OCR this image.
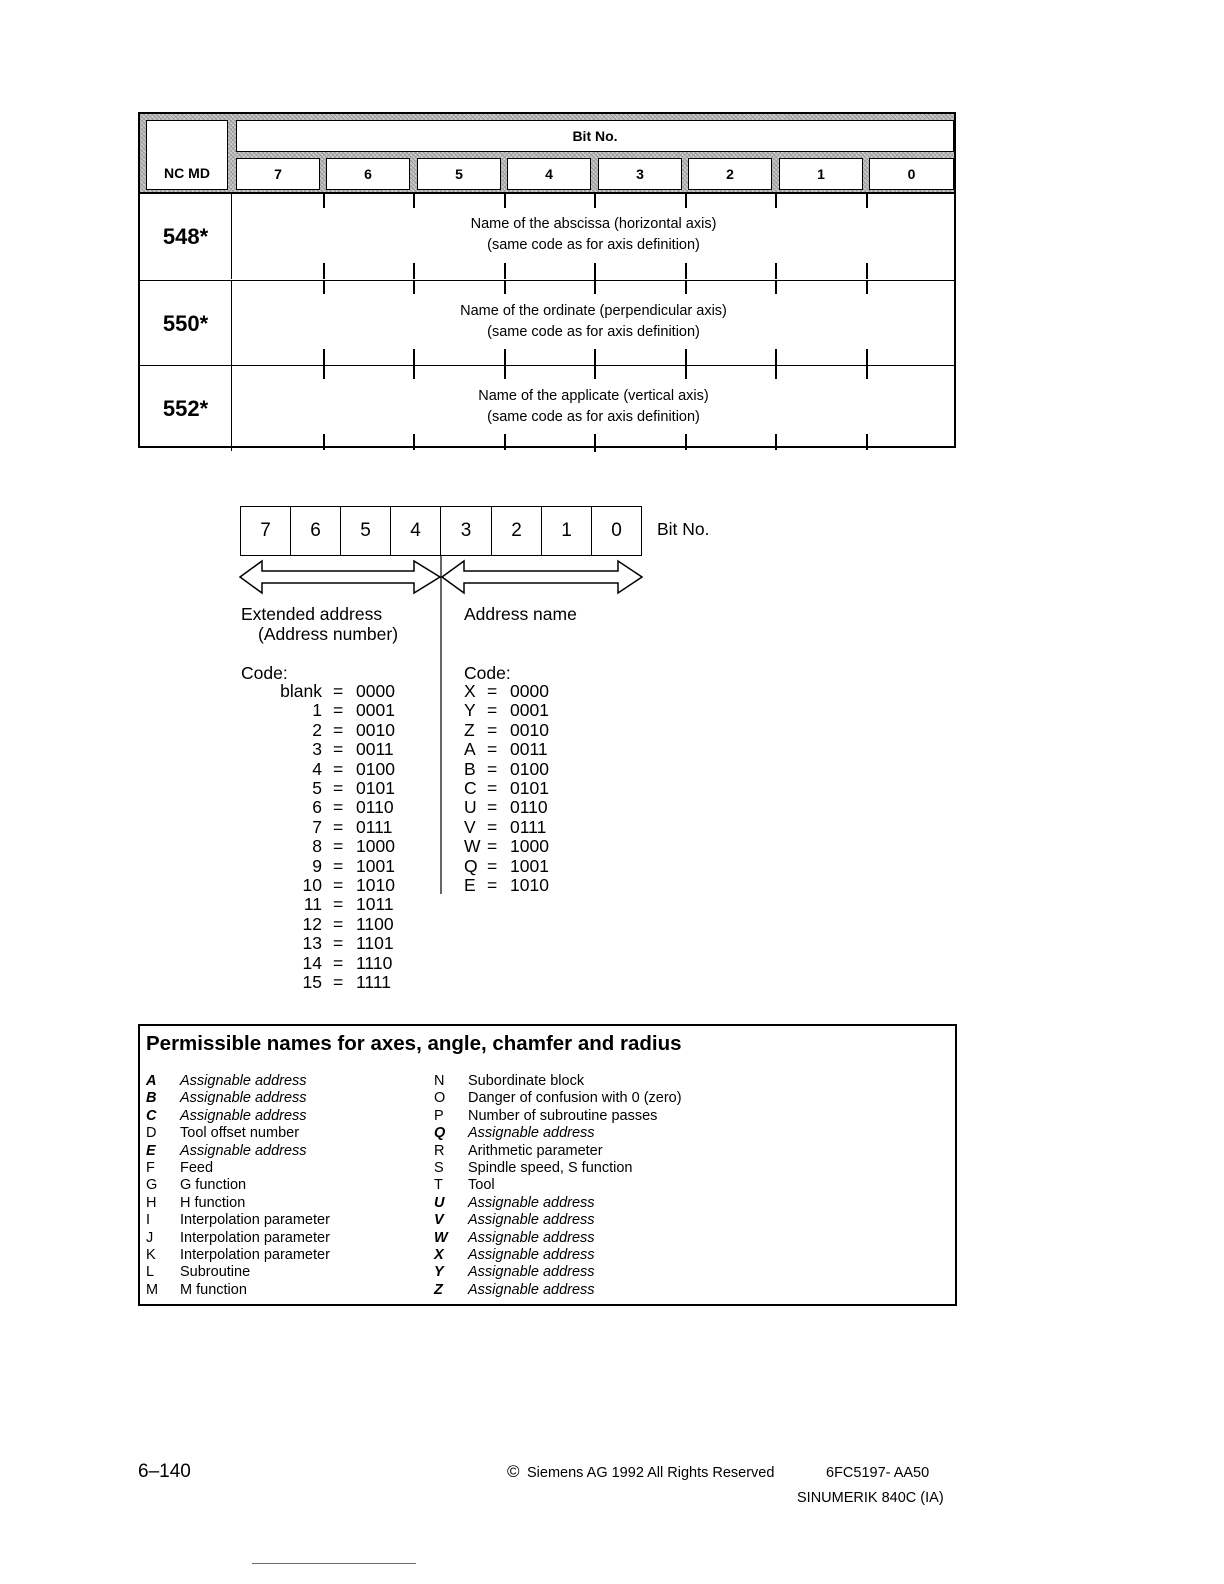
NC MD
Bit No.
7	6	5	4	3	2	1	0
548*	Name of the abscissa (horizontal axis)
(same code as for axis definition)
550*	Name of the ordinate (perpendicular axis)
(same code as for axis definition)
552*	Name of the applicate (vertical axis)
(same code as for axis definition)
7	6	5	4	3	2	1	0	Bit No.
Extended address
(Address number)
Address name
Code:	Code:
blank = 0000
1 = 0001
2 = 0010
3 = 0011
4 = 0100
5 = 0101
6 = 0110
7 = 0111
8 = 1000
9 = 1001
10 = 1010
11 = 1011
12 = 1100
13 = 1101
14 = 1110
15 = 1111
X = 0000
Y = 0001
Z = 0010
A = 0011
B = 0100
C = 0101
U = 0110
V = 0111
W = 1000
Q = 1001
E = 1010
Permissible names for axes, angle, chamfer and radius
A Assignable address
B Assignable address
C Assignable address
D Tool offset number
E Assignable address
F Feed
G G function
H H function
I Interpolation parameter
J Interpolation parameter
K Interpolation parameter
L Subroutine
M M function
N Subordinate block
O Danger of confusion with 0 (zero)
P Number of subroutine passes
Q Assignable address
R Arithmetic parameter
S Spindle speed, S function
T Tool
U Assignable address
V Assignable address
W Assignable address
X Assignable address
Y Assignable address
Z Assignable address
6–140	© Siemens AG 1992 All Rights Reserved	6FC5197- AA50
SINUMERIK 840C (IA)
